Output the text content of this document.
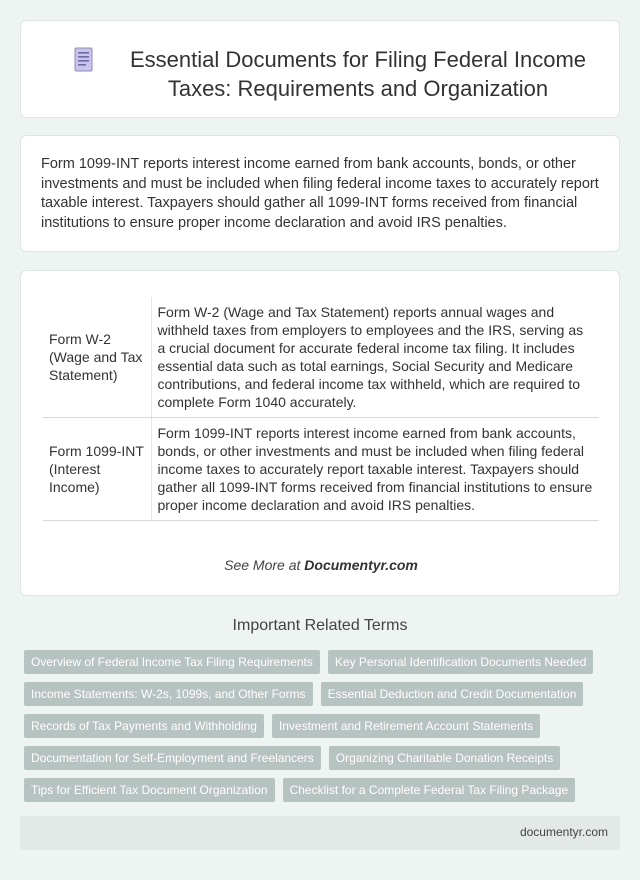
Essential Documents for Filing Federal Income Taxes: Requirements and Organization

Form 1099-INT reports interest income earned from bank accounts, bonds, or other investments and must be included when filing federal income taxes to accurately report taxable interest. Taxpayers should gather all 1099-INT forms received from financial institutions to ensure proper income declaration and avoid IRS penalties.

Form W-2 (Wage and Tax Statement)	Form W-2 (Wage and Tax Statement) reports annual wages and withheld taxes from employers to employees and the IRS, serving as a crucial document for accurate federal income tax filing. It includes essential data such as total earnings, Social Security and Medicare contributions, and federal income tax withheld, which are required to complete Form 1040 accurately.
Form 1099-INT (Interest Income)	Form 1099-INT reports interest income earned from bank accounts, bonds, or other investments and must be included when filing federal income taxes to accurately report taxable interest. Taxpayers should gather all 1099-INT forms received from financial institutions to ensure proper income declaration and avoid IRS penalties.
See More at Documentyr.com
Important Related Terms
Overview of Federal Income Tax Filing Requirements	Key Personal Identification Documents Needed
Income Statements: W-2s, 1099s, and Other Forms	Essential Deduction and Credit Documentation
Records of Tax Payments and Withholding	Investment and Retirement Account Statements
Documentation for Self-Employment and Freelancers	Organizing Charitable Donation Receipts
Tips for Efficient Tax Document Organization	Checklist for a Complete Federal Tax Filing Package
documentyr.com
